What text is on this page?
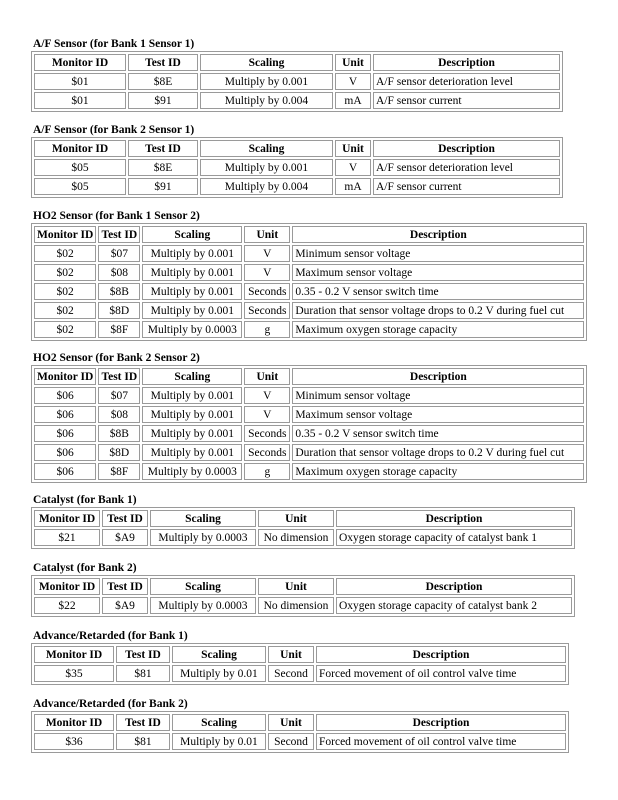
A/F Sensor (for Bank 1 Sensor 1)
Monitor ID	Test ID	Scaling	Unit	Description
$01	$8E	Multiply by 0.001	V	A/F sensor deterioration level
$01	$91	Multiply by 0.004	mA	A/F sensor current
A/F Sensor (for Bank 2 Sensor 1)
Monitor ID	Test ID	Scaling	Unit	Description
$05	$8E	Multiply by 0.001	V	A/F sensor deterioration level
$05	$91	Multiply by 0.004	mA	A/F sensor current
HO2 Sensor (for Bank 1 Sensor 2)
Monitor ID	Test ID	Scaling	Unit	Description
$02	$07	Multiply by 0.001	V	Minimum sensor voltage
$02	$08	Multiply by 0.001	V	Maximum sensor voltage
$02	$8B	Multiply by 0.001	Seconds	0.35 - 0.2 V sensor switch time
$02	$8D	Multiply by 0.001	Seconds	Duration that sensor voltage drops to 0.2 V during fuel cut
$02	$8F	Multiply by 0.0003	g	Maximum oxygen storage capacity
HO2 Sensor (for Bank 2 Sensor 2)
Monitor ID	Test ID	Scaling	Unit	Description
$06	$07	Multiply by 0.001	V	Minimum sensor voltage
$06	$08	Multiply by 0.001	V	Maximum sensor voltage
$06	$8B	Multiply by 0.001	Seconds	0.35 - 0.2 V sensor switch time
$06	$8D	Multiply by 0.001	Seconds	Duration that sensor voltage drops to 0.2 V during fuel cut
$06	$8F	Multiply by 0.0003	g	Maximum oxygen storage capacity
Catalyst (for Bank 1)
Monitor ID	Test ID	Scaling	Unit	Description
$21	$A9	Multiply by 0.0003	No dimension	Oxygen storage capacity of catalyst bank 1
Catalyst (for Bank 2)
Monitor ID	Test ID	Scaling	Unit	Description
$22	$A9	Multiply by 0.0003	No dimension	Oxygen storage capacity of catalyst bank 2
Advance/Retarded (for Bank 1)
Monitor ID	Test ID	Scaling	Unit	Description
$35	$81	Multiply by 0.01	Second	Forced movement of oil control valve time
Advance/Retarded (for Bank 2)
Monitor ID	Test ID	Scaling	Unit	Description
$36	$81	Multiply by 0.01	Second	Forced movement of oil control valve time
